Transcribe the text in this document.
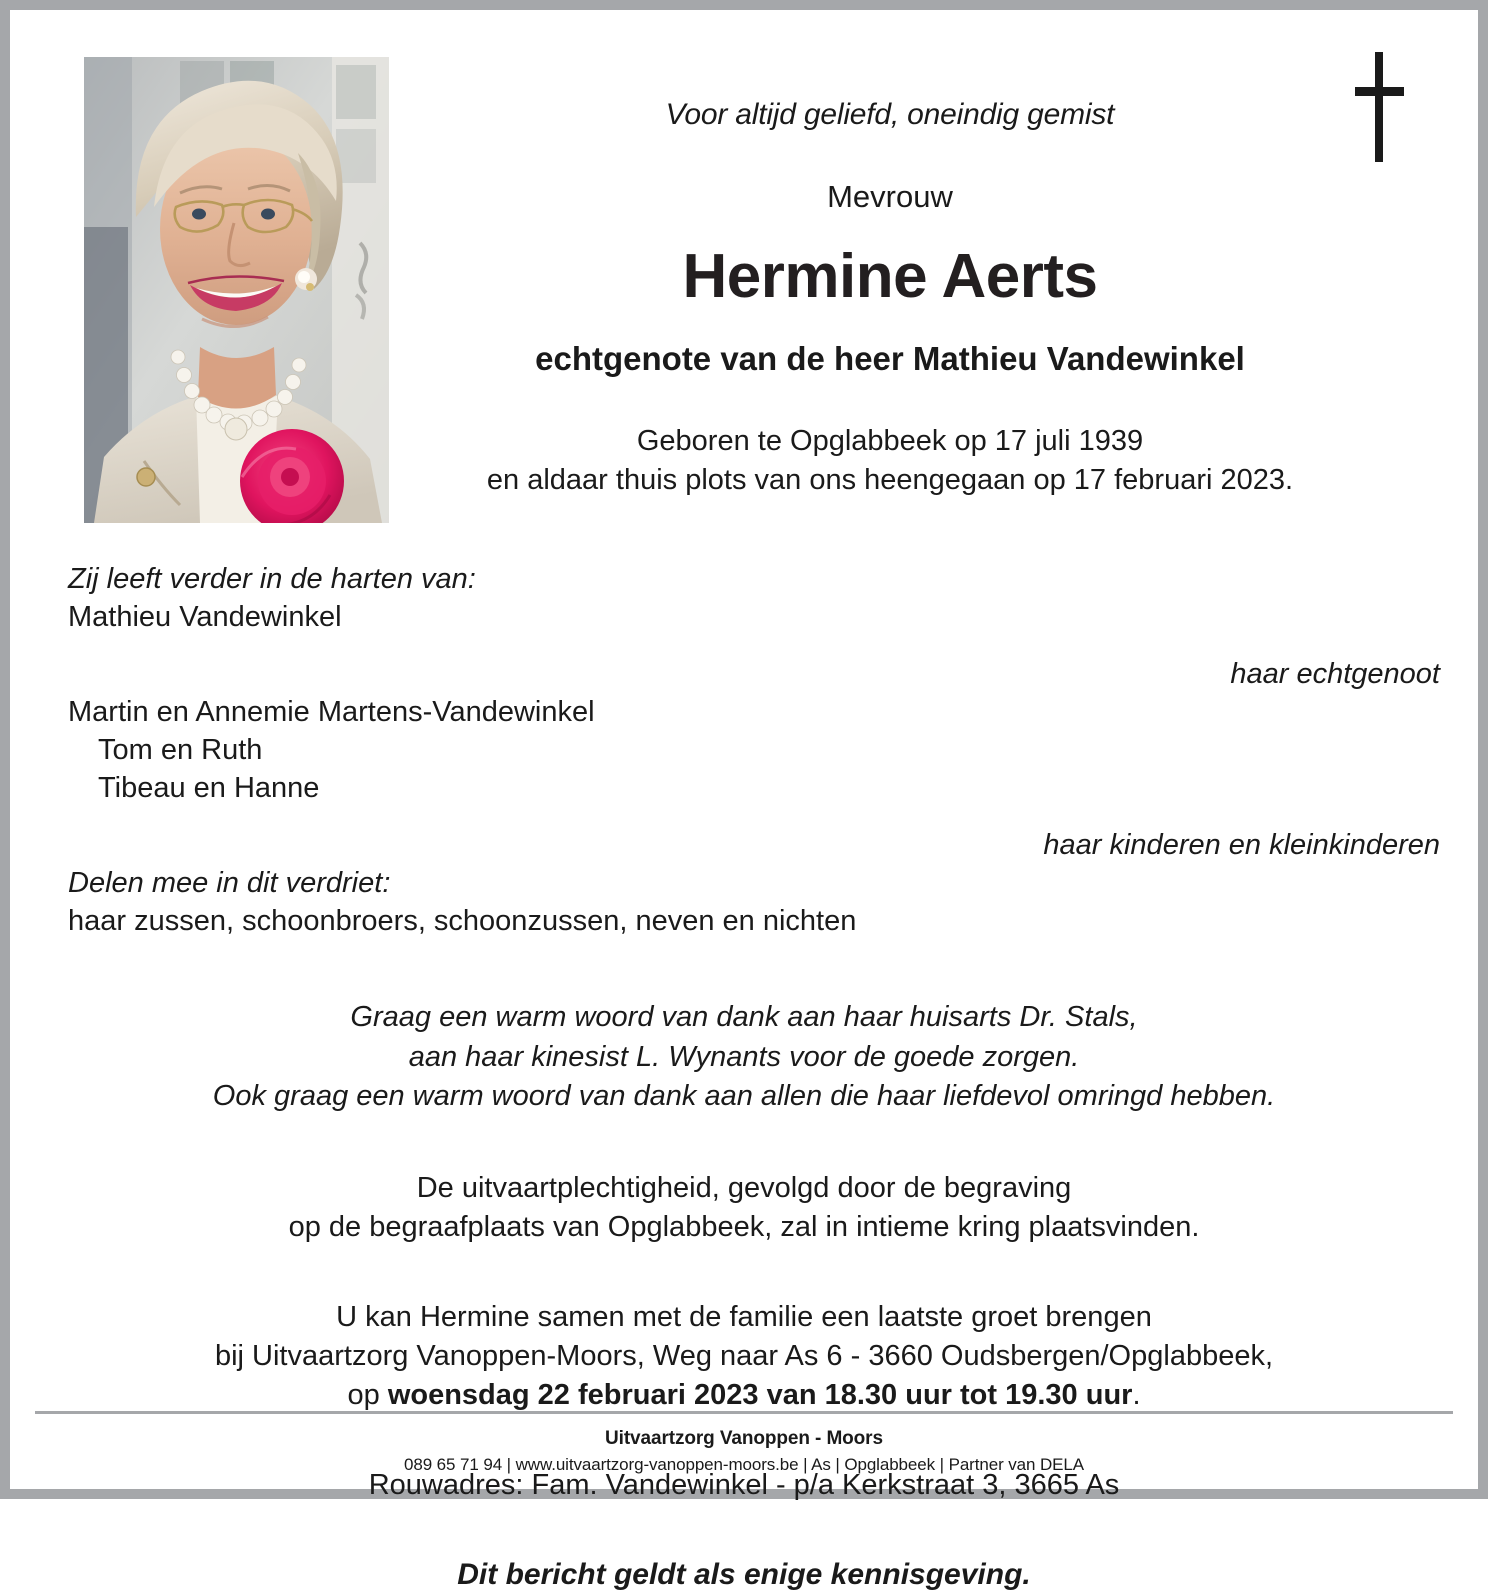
Voor altijd geliefd, oneindig gemist
Mevrouw
Hermine Aerts
echtgenote van de heer Mathieu Vandewinkel
Geboren te Opglabbeek op 17 juli 1939
en aldaar thuis plots van ons heengegaan op 17 februari 2023.
Zij leeft verder in de harten van:
Mathieu Vandewinkel
haar echtgenoot
Martin en Annemie Martens-Vandewinkel
Tom en Ruth
Tibeau en Hanne
haar kinderen en kleinkinderen
Delen mee in dit verdriet:
haar zussen, schoonbroers, schoonzussen, neven en nichten
Graag een warm woord van dank aan haar huisarts Dr. Stals,
aan haar kinesist L. Wynants voor de goede zorgen.
Ook graag een warm woord van dank aan allen die haar liefdevol omringd hebben.
De uitvaartplechtigheid, gevolgd door de begraving
op de begraafplaats van Opglabbeek, zal in intieme kring plaatsvinden.
U kan Hermine samen met de familie een laatste groet brengen
bij Uitvaartzorg Vanoppen-Moors, Weg naar As 6 - 3660 Oudsbergen/Opglabbeek,
op woensdag 22 februari 2023 van 18.30 uur tot 19.30 uur.
Rouwadres: Fam. Vandewinkel - p/a Kerkstraat 3, 3665 As
Dit bericht geldt als enige kennisgeving.
Uitvaartzorg Vanoppen - Moors
089 65 71 94 | www.uitvaartzorg-vanoppen-moors.be | As | Opglabbeek | Partner van DELA
